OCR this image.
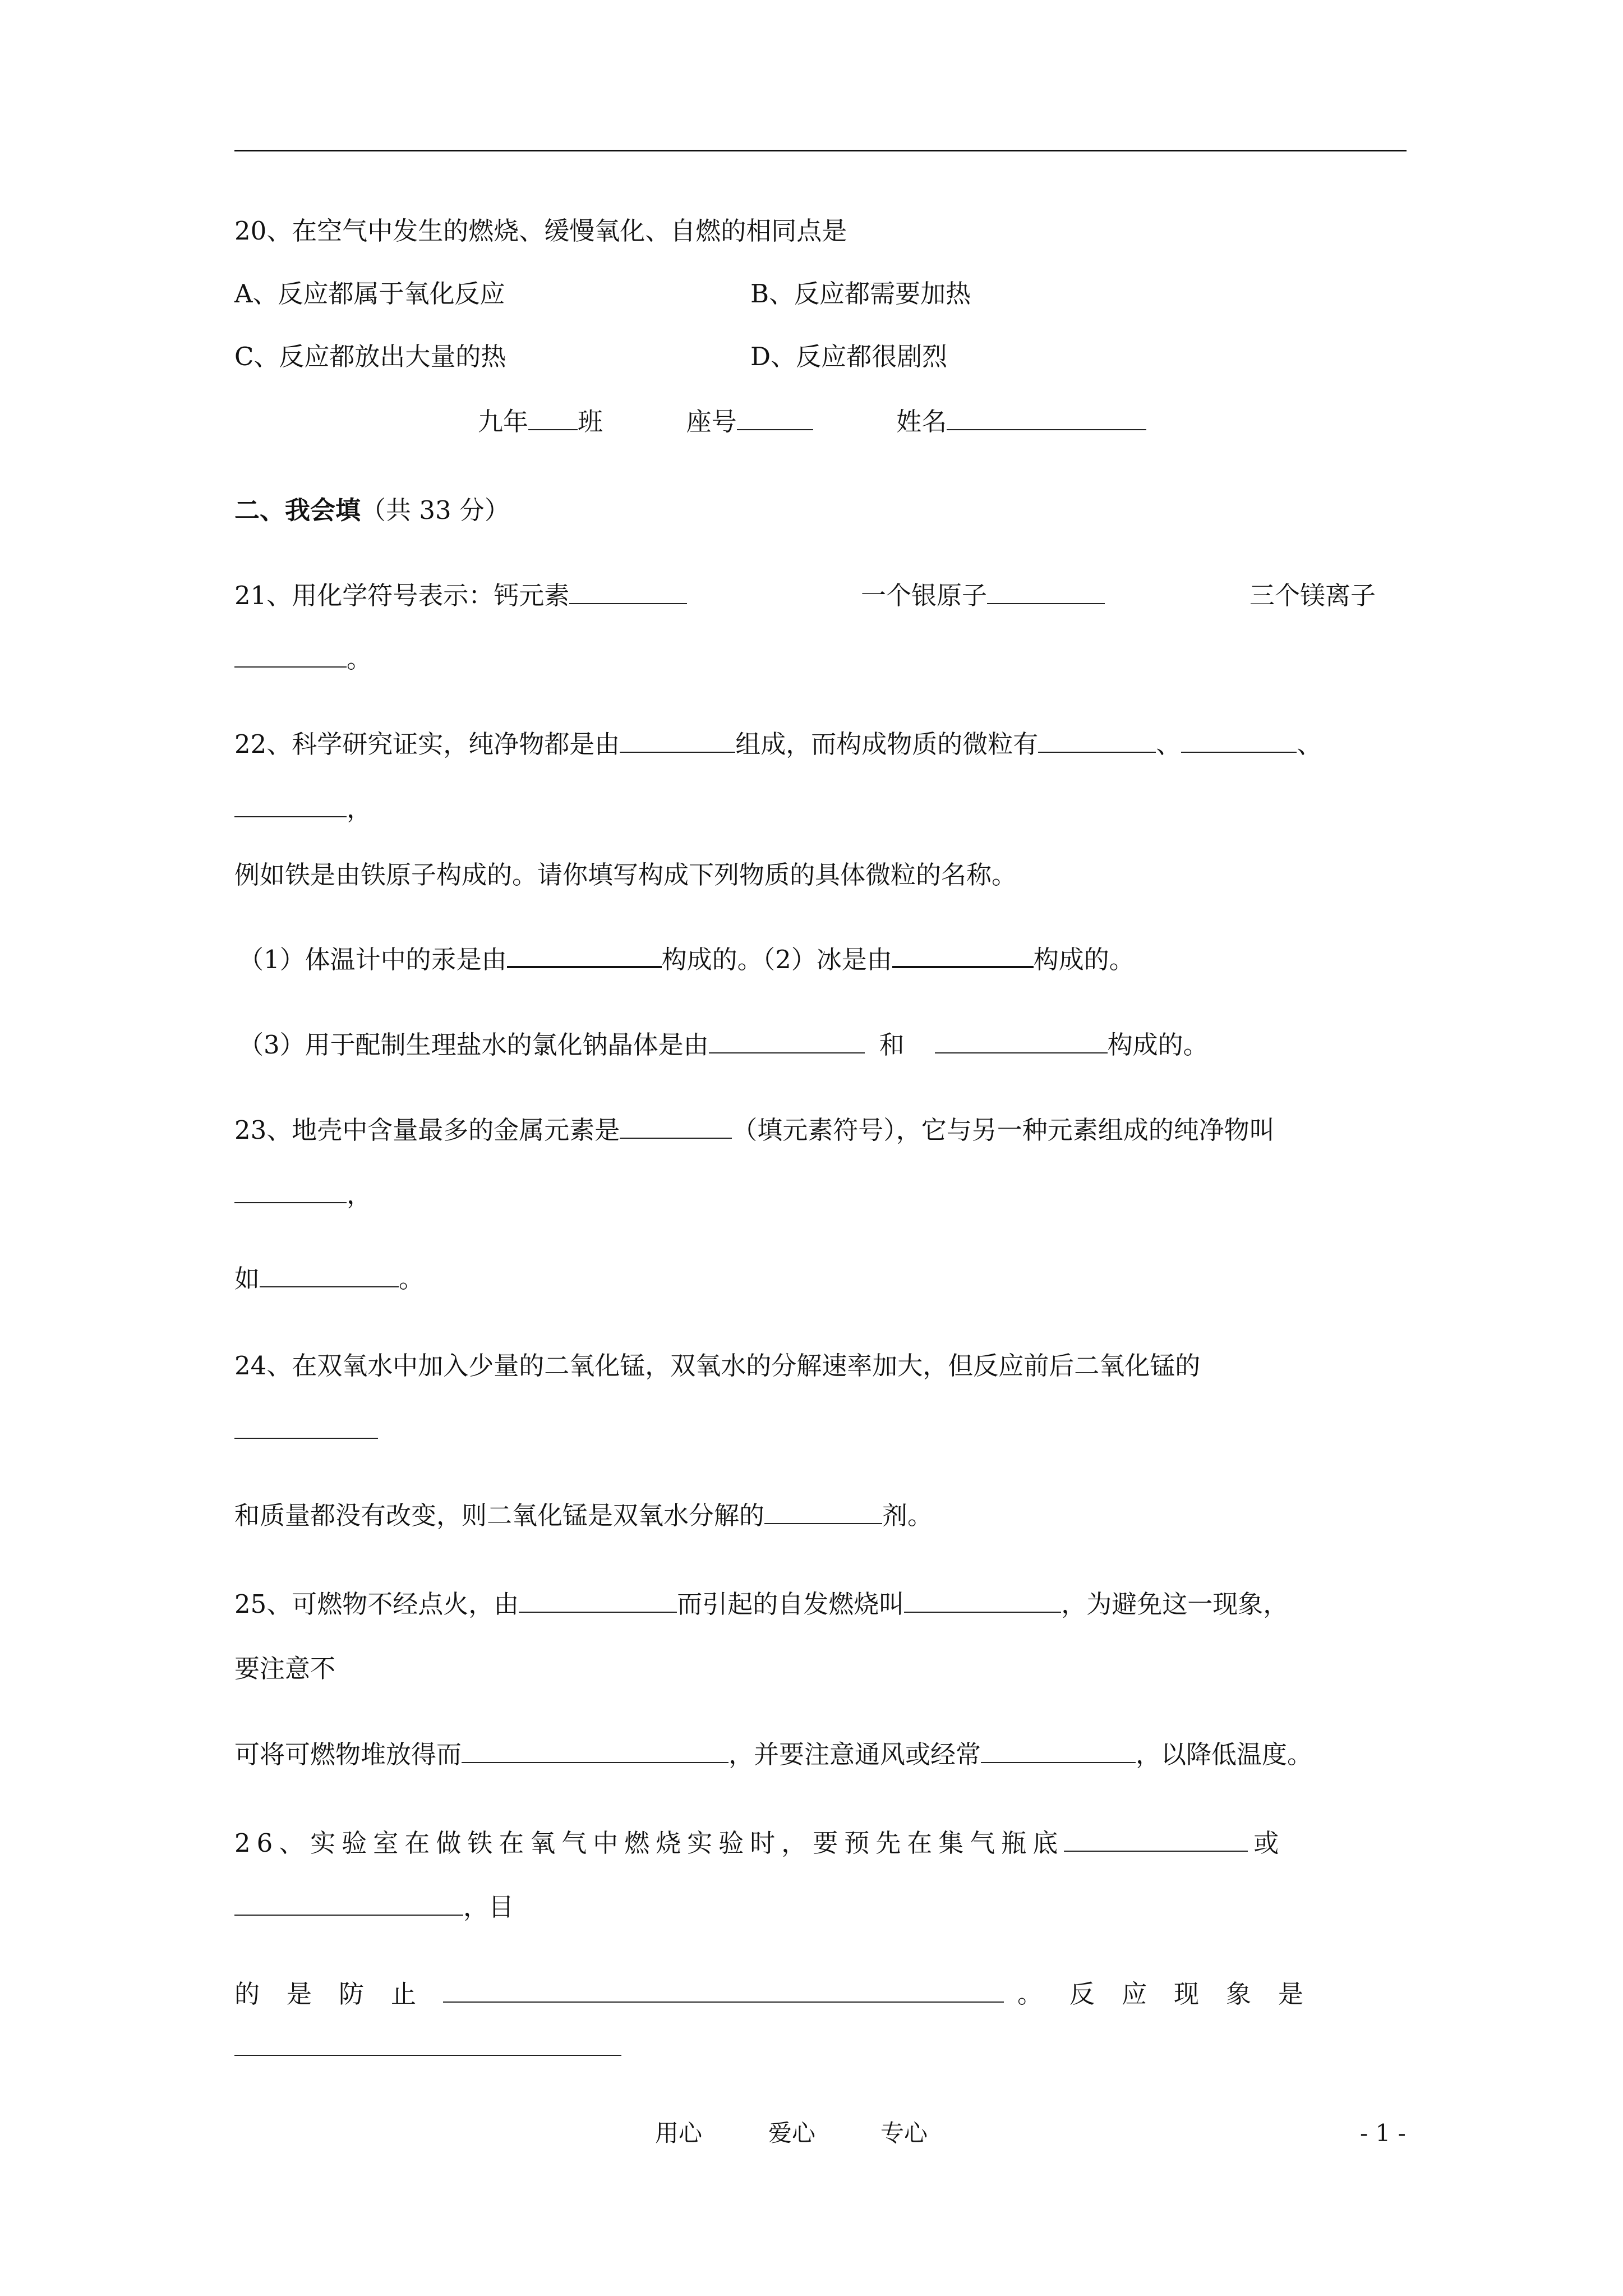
20、在空气中发生的燃烧、缓慢氧化、自燃的相同点是
A、反应都属于氧化反应	B、反应都需要加热
C、反应都放出大量的热	D、反应都很剧烈
九年 班	座号	姓名
二、我会填（共 33 分）
21、用化学符号表示：钙元素	一个银原子	三个镁离子
。
22、科学研究证实，纯净物都是由	组成，而构成物质的微粒有	、	、
，
例如铁是由铁原子构成的。请你填写构成下列物质的具体微粒的名称。
（1）体温计中的汞是由	构成的。（2）冰是由	构成的。
（3）用于配制生理盐水的氯化钠晶体是由	和	构成的。
23、地壳中含量最多的金属元素是	（填元素符号），它与另一种元素组成的纯净物叫
，
如	。
24、在双氧水中加入少量的二氧化锰，双氧水的分解速率加大，但反应前后二氧化锰的
和质量都没有改变，则二氧化锰是双氧水分解的	剂。
25、可燃物不经点火，由	而引起的自发燃烧叫	，为避免这一现象，
要注意不
可将可燃物堆放得而	，并要注意通风或经常	，以降低温度。
26、实验室在做铁在氧气中燃烧实验时，要预先在集气瓶底	或
，目
的是防止	。反应现象是
用心	爱心	专心	- 1 -
